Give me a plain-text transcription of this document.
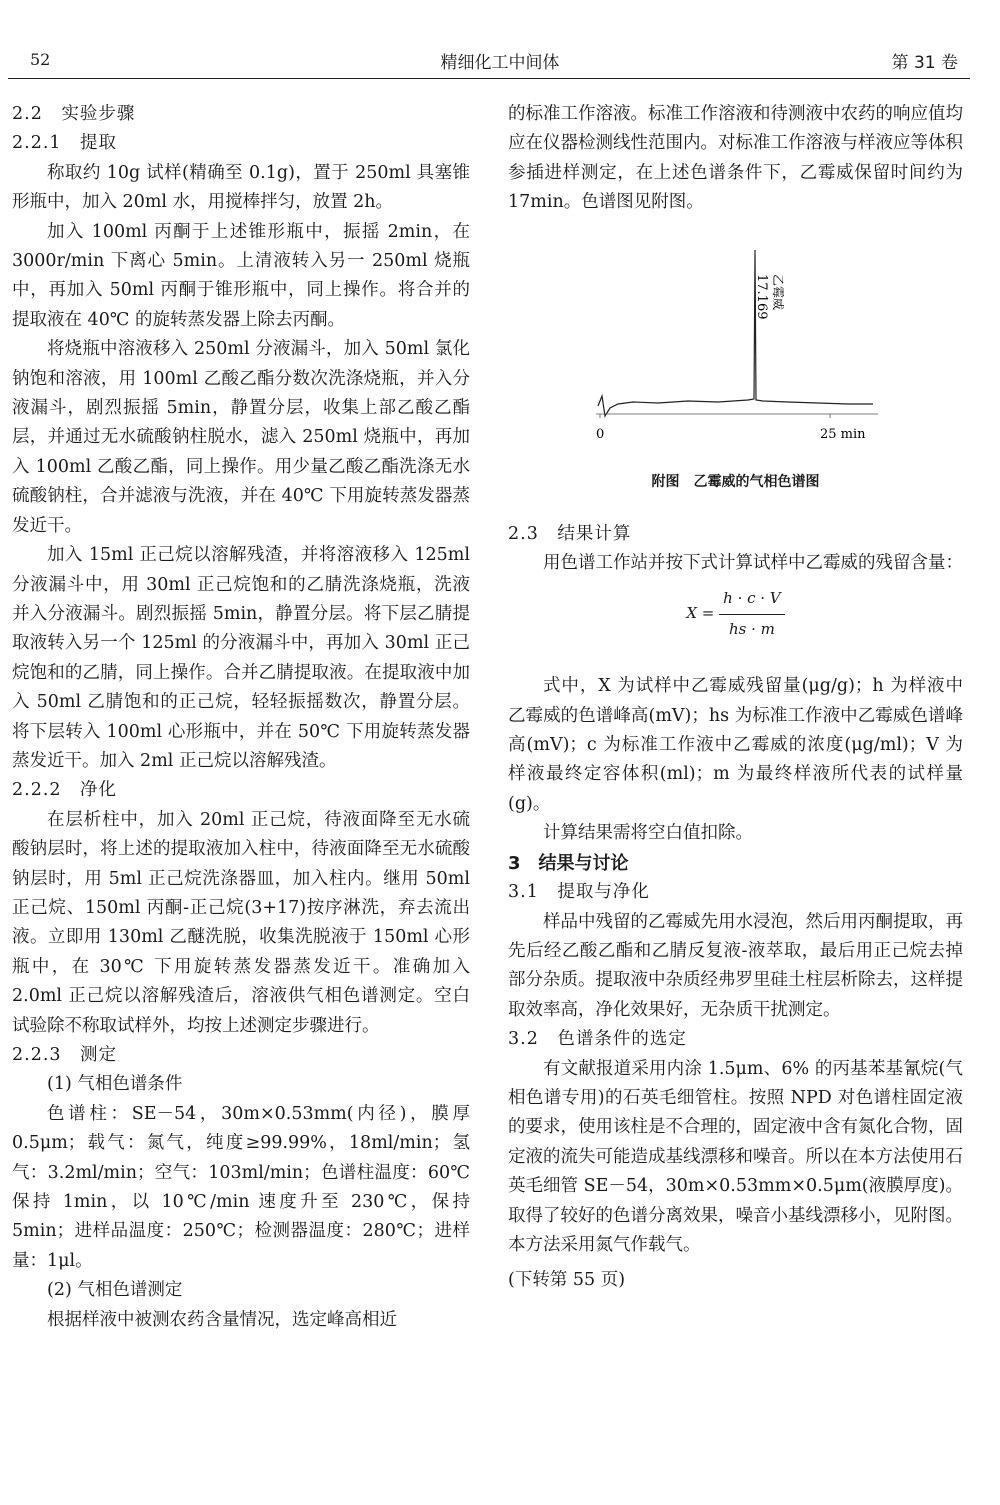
52	精细化工中间体	第 31 卷

2.2　实验步骤

2.2.1　提取

称取约 10g 试样(精确至 0.1g)，置于 250ml 具塞锥形瓶中，加入 20ml 水，用搅棒拌匀，放置 2h。

加入 100ml 丙酮于上述锥形瓶中，振摇 2min，在 3000r/min 下离心 5min。上清液转入另一 250ml 烧瓶中，再加入 50ml 丙酮于锥形瓶中，同上操作。将合并的提取液在 40℃ 的旋转蒸发器上除去丙酮。

将烧瓶中溶液移入 250ml 分液漏斗，加入 50ml 氯化钠饱和溶液，用 100ml 乙酸乙酯分数次洗涤烧瓶，并入分液漏斗，剧烈振摇 5min，静置分层，收集上部乙酸乙酯层，并通过无水硫酸钠柱脱水，滤入 250ml 烧瓶中，再加入 100ml 乙酸乙酯，同上操作。用少量乙酸乙酯洗涤无水硫酸钠柱，合并滤液与洗液，并在 40℃ 下用旋转蒸发器蒸发近干。

加入 15ml 正己烷以溶解残渣，并将溶液移入 125ml 分液漏斗中，用 30ml 正己烷饱和的乙腈洗涤烧瓶，洗液并入分液漏斗。剧烈振摇 5min，静置分层。将下层乙腈提取液转入另一个 125ml 的分液漏斗中，再加入 30ml 正己烷饱和的乙腈，同上操作。合并乙腈提取液。在提取液中加入 50ml 乙腈饱和的正己烷，轻轻振摇数次，静置分层。将下层转入 100ml 心形瓶中，并在 50℃ 下用旋转蒸发器蒸发近干。加入 2ml 正己烷以溶解残渣。

2.2.2　净化

在层析柱中，加入 20ml 正己烷，待液面降至无水硫酸钠层时，将上述的提取液加入柱中，待液面降至无水硫酸钠层时，用 5ml 正己烷洗涤器皿，加入柱内。继用 50ml 正己烷、150ml 丙酮-正己烷(3+17)按序淋洗，弃去流出液。立即用 130ml 乙醚洗脱，收集洗脱液于 150ml 心形瓶中，在 30℃ 下用旋转蒸发器蒸发近干。准确加入 2.0ml 正己烷以溶解残渣后，溶液供气相色谱测定。空白试验除不称取试样外，均按上述测定步骤进行。

2.2.3　测定

(1) 气相色谱条件

色谱柱：SE－54，30m×0.53mm(内径)，膜厚 0.5μm；载气：氮气，纯度≥99.99%，18ml/min；氢气：3.2ml/min；空气：103ml/min；色谱柱温度：60℃ 保持 1min，以 10℃/min 速度升至 230℃，保持 5min；进样品温度：250℃；检测器温度：280℃；进样量：1μl。

(2) 气相色谱测定

根据样液中被测农药含量情况，选定峰高相近

的标准工作溶液。标准工作溶液和待测液中农药的响应值均应在仪器检测线性范围内。对标准工作溶液与样液应等体积参插进样测定，在上述色谱条件下，乙霉威保留时间约为 17min。色谱图见附图。

17.169 乙霉威
0	25 min
附图　乙霉威的气相色谱图

2.3　结果计算

用色谱工作站并按下式计算试样中乙霉威的残留含量：

$X = \frac{h \cdot c \cdot V}{hs \cdot m}$

式中，X 为试样中乙霉威残留量(μg/g)；h 为样液中乙霉威的色谱峰高(mV)；hs 为标准工作液中乙霉威色谱峰高(mV)；c 为标准工作液中乙霉威的浓度(μg/ml)；V 为样液最终定容体积(ml)；m 为最终样液所代表的试样量(g)。

计算结果需将空白值扣除。

3　结果与讨论

3.1　提取与净化

样品中残留的乙霉威先用水浸泡，然后用丙酮提取，再先后经乙酸乙酯和乙腈反复液-液萃取，最后用正己烷去掉部分杂质。提取液中杂质经弗罗里硅土柱层析除去，这样提取效率高，净化效果好，无杂质干扰测定。

3.2　色谱条件的选定

有文献报道采用内涂 1.5μm、6% 的丙基苯基氰烷(气相色谱专用)的石英毛细管柱。按照 NPD 对色谱柱固定液的要求，使用该柱是不合理的，固定液中含有氮化合物，固定液的流失可能造成基线漂移和噪音。所以在本方法使用石英毛细管 SE－54，30m×0.53mm×0.5μm(液膜厚度)。取得了较好的色谱分离效果，噪音小基线漂移小，见附图。本方法采用氮气作载气。

(下转第 55 页)
